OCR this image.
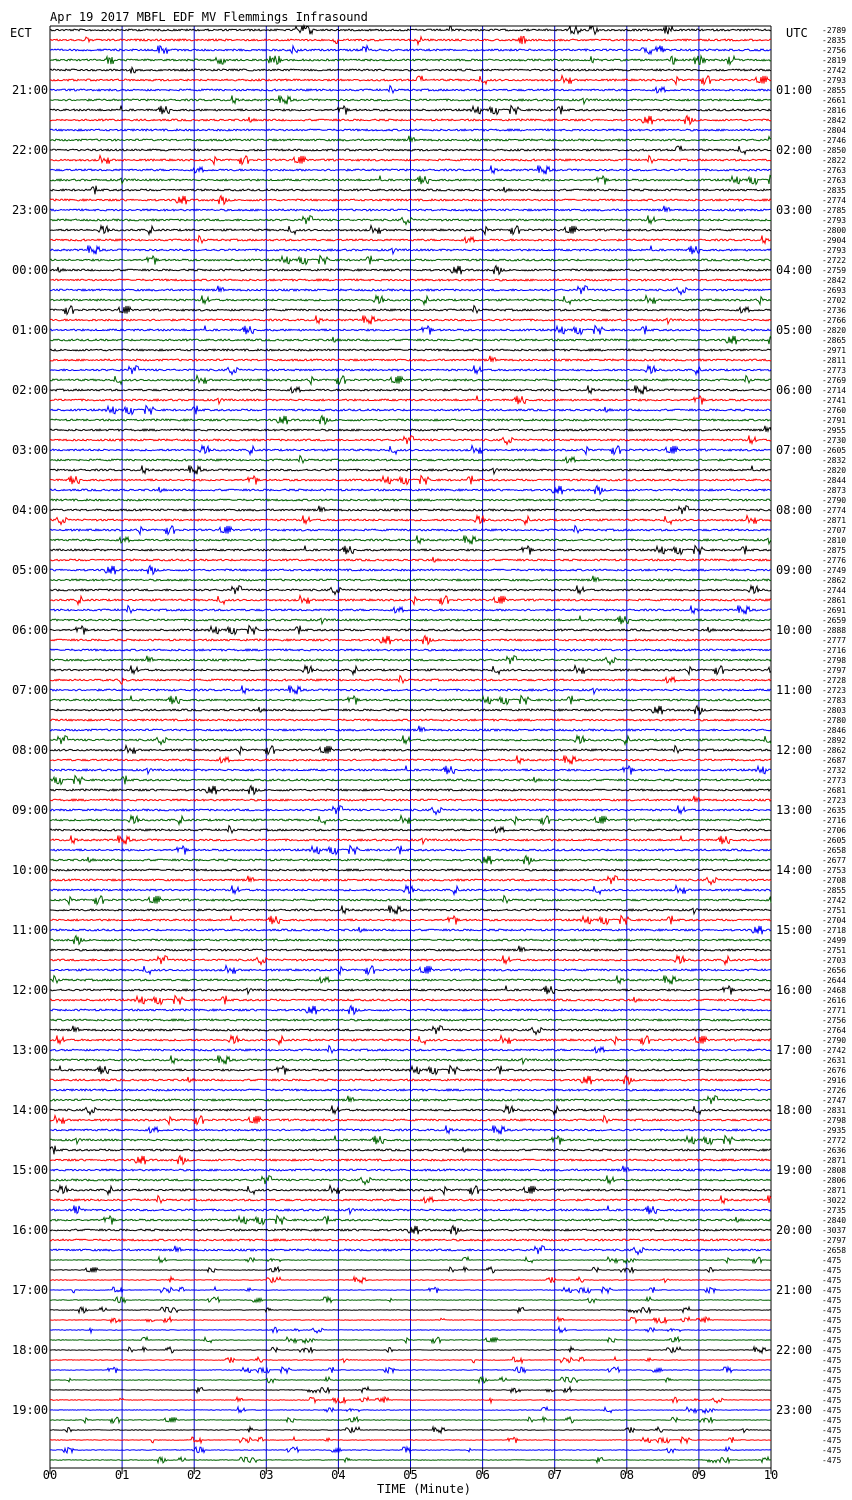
-2789
-2835
-2756
-2819
-2742
-2793
-2855
-2661
-2816
-2842
-2804
-2746
-2850
-2822
-2763
-2763
-2835
-2774
-2785
-2793
-2800
-2904
-2793
-2722
-2759
-2842
-2693
-2702
-2736
-2766
-2820
-2865
-2971
-2811
-2773
-2769
-2714
-2741
-2760
-2791
-2955
-2730
-2605
-2832
-2820
-2844
-2873
-2790
-2774
-2871
-2707
-2810
-2875
-2776
-2749
-2862
-2744
-2861
-2691
-2659
-2888
-2777
-2716
-2798
-2797
-2728
-2723
-2783
-2803
-2780
-2846
-2892
-2862
-2687
-2732
-2773
-2681
-2723
-2635
-2716
-2706
-2605
-2658
-2677
-2753
-2708
-2855
-2742
-2751
-2704
-2718
-2499
-2751
-2703
-2656
-2644
-2468
-2616
-2771
-2756
-2764
-2790
-2742
-2631
-2676
-2916
-2726
-2747
-2831
-2798
-2935
-2772
-2636
-2871
-2808
-2806
-2871
-3022
-2735
-2840
-3037
-2797
-2658
-475
-475
-475
-475
-475
-475
-475
-475
-475
-475
-475
-475
-475
-475
-475
-475
-475
-475
-475
-475
-475
21:00
22:00
23:00
00:00
01:00
02:00
03:00
04:00
05:00
06:00
07:00
08:00
09:00
10:00
11:00
12:00
13:00
14:00
15:00
16:00
17:00
18:00
19:00
01:00
02:00
03:00
04:00
05:00
06:00
07:00
08:00
09:00
10:00
11:00
12:00
13:00
14:00
15:00
16:00
17:00
18:00
19:00
20:00
21:00
22:00
23:00
00	01	02	03	04	05	06	07	08	09	10
Apr 19 2017 MBFL EDF MV Flemmings Infrasound
ECT	UTC
TIME (Minute)
